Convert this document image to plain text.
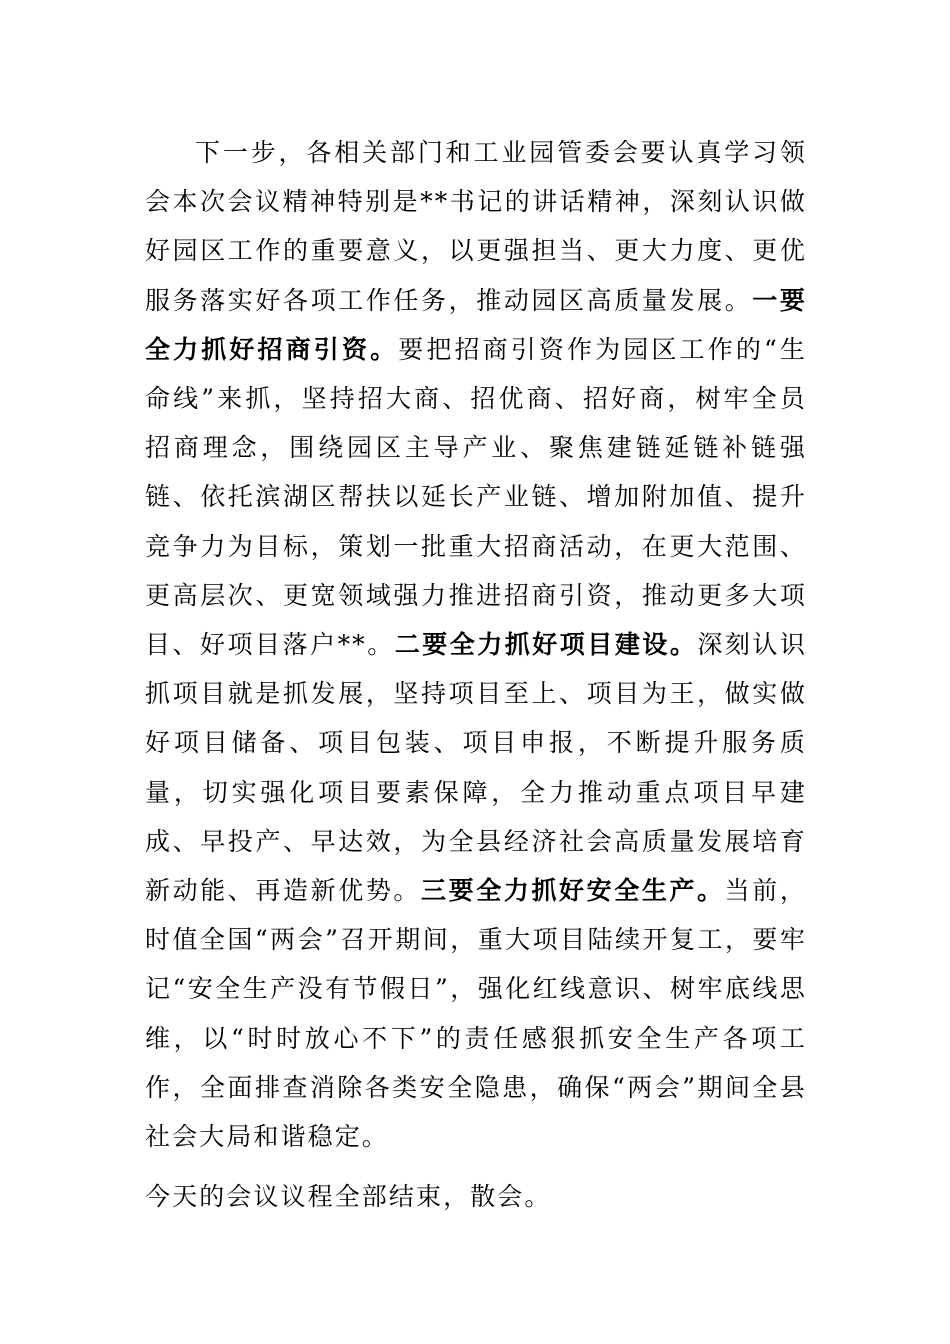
下一步，各相关部门和工业园管委会要认真学习领会本次会议精神特别是**书记的讲话精神，深刻认识做好园区工作的重要意义，以更强担当、更大力度、更优服务落实好各项工作任务，推动园区高质量发展。一要全力抓好招商引资。要把招商引资作为园区工作的“生命线”来抓，坚持招大商、招优商、招好商，树牢全员招商理念，围绕园区主导产业、聚焦建链延链补链强链、依托滨湖区帮扶以延长产业链、增加附加值、提升竞争力为目标，策划一批重大招商活动，在更大范围、更高层次、更宽领域强力推进招商引资，推动更多大项目、好项目落户**。二要全力抓好项目建设。深刻认识抓项目就是抓发展，坚持项目至上、项目为王，做实做好项目储备、项目包装、项目申报，不断提升服务质量，切实强化项目要素保障，全力推动重点项目早建成、早投产、早达效，为全县经济社会高质量发展培育新动能、再造新优势。三要全力抓好安全生产。当前，时值全国“两会”召开期间，重大项目陆续开复工，要牢记“安全生产没有节假日”，强化红线意识、树牢底线思维，以“时时放心不下”的责任感狠抓安全生产各项工作，全面排查消除各类安全隐患，确保“两会”期间全县社会大局和谐稳定。

今天的会议议程全部结束，散会。
